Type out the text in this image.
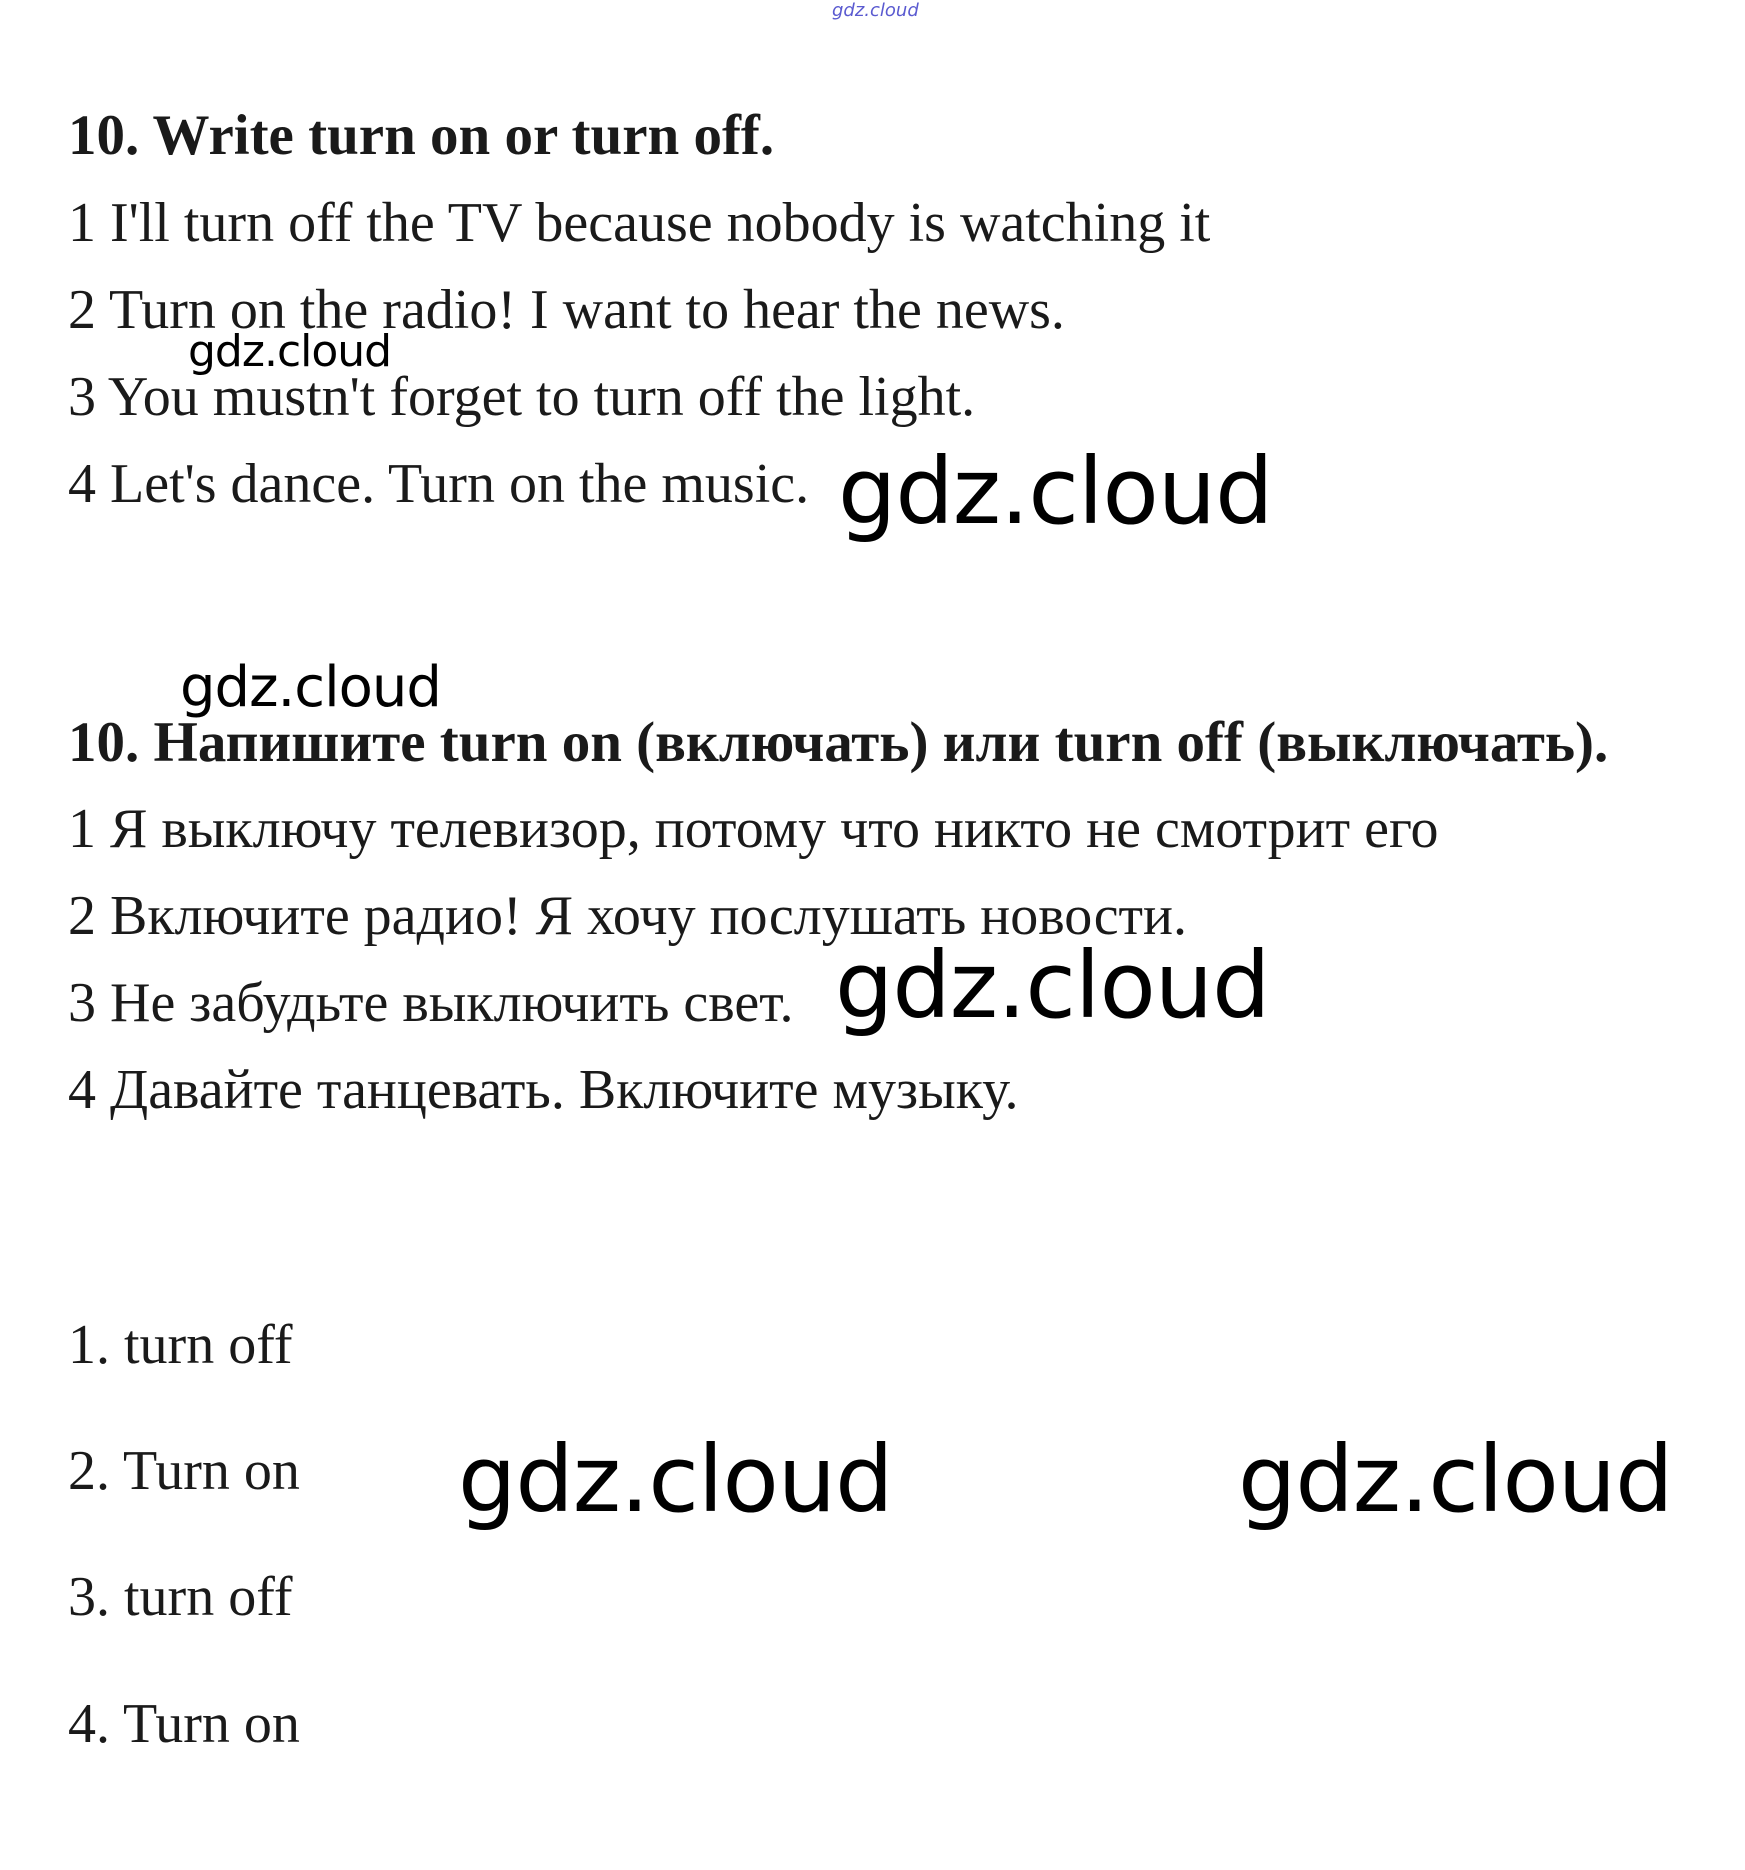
gdz.cloud
10. Write turn on or turn off.
1 I'll turn off the TV because nobody is watching it
2 Turn on the radio! I want to hear the news.
3 You mustn't forget to turn off the light.
4 Let's dance. Turn on the music.
10. Напишите turn on (включать) или turn off (выключать).
1 Я выключу телевизор, потому что никто не смотрит его
2 Включите радио! Я хочу послушать новости.
3 Не забудьте выключить свет.
4 Давайте танцевать. Включите музыку.
1. turn off
2. Turn on
3. turn off
4. Turn on
gdz.cloud
gdz.cloud
gdz.cloud
gdz.cloud
gdz.cloud	gdz.cloud
